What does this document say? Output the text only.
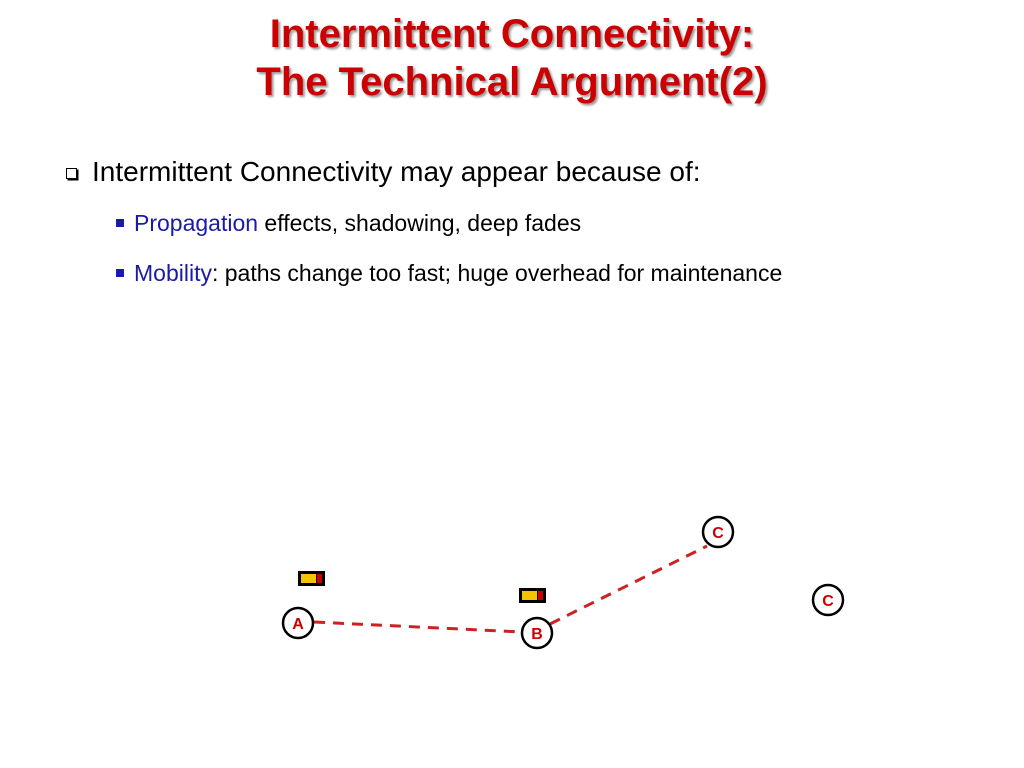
Intermittent Connectivity:
The Technical Argument(2)
Intermittent Connectivity may appear because of:
Propagation effects, shadowing, deep fades
Mobility: paths change too fast; huge overhead for maintenance
A
B
C
C
